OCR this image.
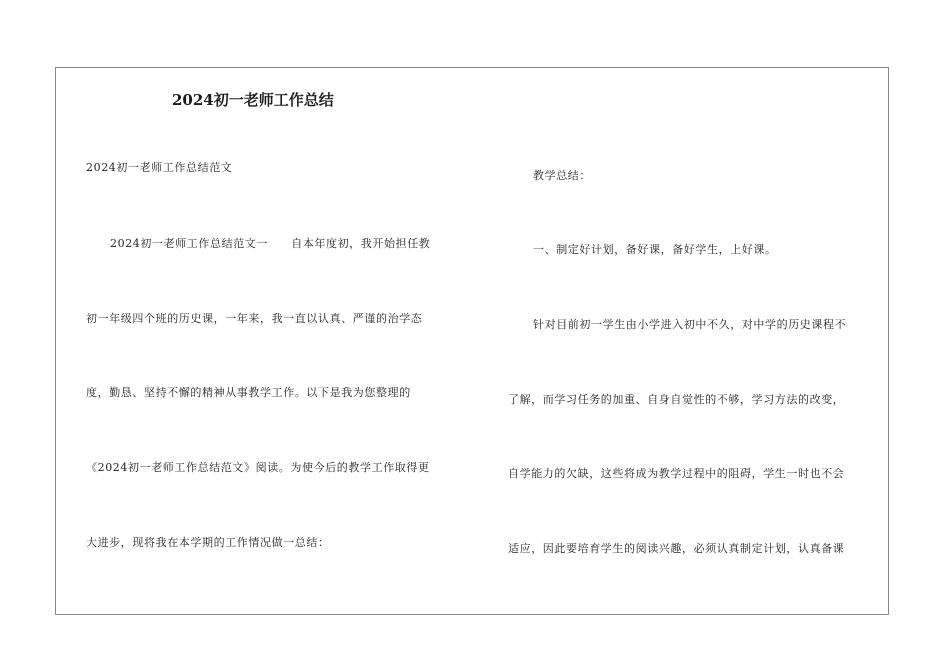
2024初一老师工作总结
2024初一老师工作总结范文
2024初一老师工作总结范文一　　自本年度初，我开始担任教
初一年级四个班的历史课，一年来，我一直以认真、严谨的治学态
度，勤恳、坚持不懈的精神从事教学工作。以下是我为您整理的
《2024初一老师工作总结范文》阅读。为使今后的教学工作取得更
大进步，现将我在本学期的工作情况做一总结：
教学总结：
一、制定好计划，备好课，备好学生，上好课。
针对目前初一学生由小学进入初中不久，对中学的历史课程不
了解，而学习任务的加重、自身自觉性的不够，学习方法的改变，
自学能力的欠缺，这些将成为教学过程中的阻碍，学生一时也不会
适应，因此要培育学生的阅读兴趣，必须认真制定计划，认真备课
